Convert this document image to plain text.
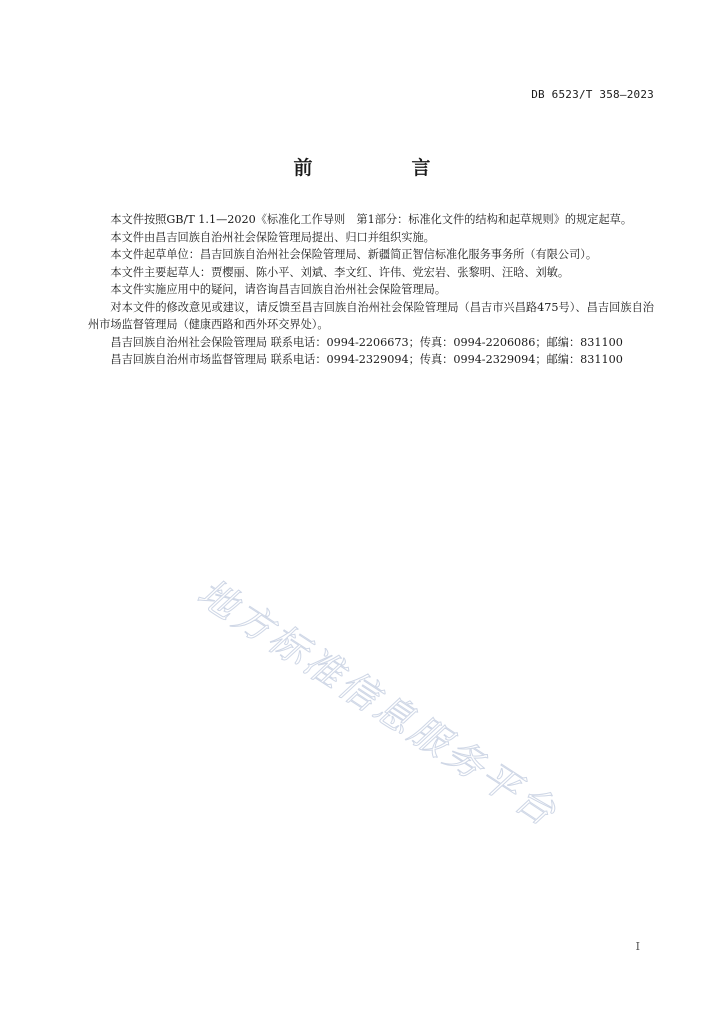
DB 6523/T 358—2023
前　言

本文件按照GB/T 1.1—2020《标准化工作导则　第1部分：标准化文件的结构和起草规则》的规定起草。

本文件由昌吉回族自治州社会保险管理局提出、归口并组织实施。

本文件起草单位：昌吉回族自治州社会保险管理局、新疆简正智信标准化服务事务所（有限公司）。

本文件主要起草人：贾樱丽、陈小平、刘斌、李文红、许伟、党宏岩、张黎明、汪晗、刘敏。

本文件实施应用中的疑问，请咨询昌吉回族自治州社会保险管理局。

对本文件的修改意见或建议，请反馈至昌吉回族自治州社会保险管理局（昌吉市兴昌路475号）、昌吉回族自治州市场监督管理局（健康西路和西外环交界处）。

昌吉回族自治州社会保险管理局 联系电话：0994-2206673；传真：0994-2206086；邮编：831100

昌吉回族自治州市场监督管理局 联系电话：0994-2329094；传真：0994-2329094；邮编：831100

地方标准信息服务平台
I
